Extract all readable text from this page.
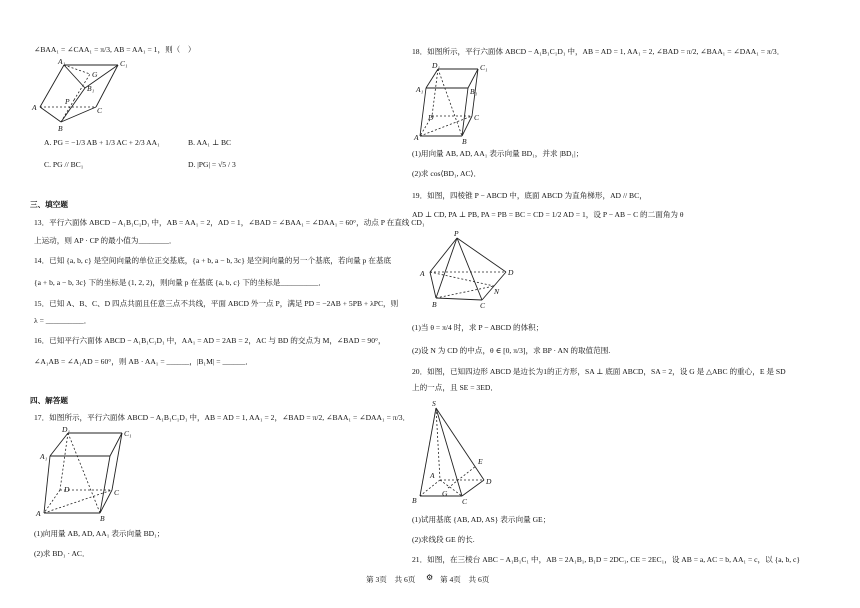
∠BAA₁ = ∠CAA₁ = π/3, AB = AA₁ = 1，则（　）
A₁	C₁
G
B₁
A
P
C
B
A. PG = −1/3 AB + 1/3 AC + 2/3 AA₁	B. AA₁ ⊥ BC
C. PG // BC₁	D. |PG| = √5 / 3
三、填空题
13．平行六面体 ABCD − A₁B₁C₁D₁ 中，AB = AA₁ = 2，AD = 1，∠BAD = ∠BAA₁ = ∠DAA₁ = 60°，动点 P 在直线 CD₁
上运动，则 AP · CP 的最小值为________．
14．已知 {a, b, c} 是空间向量的单位正交基底，{a + b, a − b, 3c} 是空间向量的另一个基底，若向量 p 在基底
{a + b, a − b, 3c} 下的坐标是 (1, 2, 2)，则向量 p 在基底 {a, b, c} 下的坐标是__________．
15．已知 A、B、C、D 四点共面且任意三点不共线，平面 ABCD 外一点 P，满足 PD = −2AB + 5PB + λPC，则
λ = __________．
16．已知平行六面体 ABCD − A₁B₁C₁D₁ 中，AA₁ = AD = 2AB = 2，AC 与 BD 的交点为 M，∠BAD = 90°，
∠A₁AB = ∠A₁AD = 60°，则 AB · AA₁ = ______，|B₁M| = ______．
四、解答题
17．如图所示，平行六面体 ABCD − A₁B₁C₁D₁ 中，AB = AD = 1, AA₁ = 2，∠BAD = π/2, ∠BAA₁ = ∠DAA₁ = π/3．
D₁	C₁
A₁
D	C
A
B
(1)向用量 AB, AD, AA₁ 表示向量 BD₁；
(2)求 BD₁ · AC．
18．如图所示，平行六面体 ABCD − A₁B₁C₁D₁ 中，AB = AD = 1, AA₁ = 2, ∠BAD = π/2, ∠BAA₁ = ∠DAA₁ = π/3．
D₁	C₁
A₁	B₁
D	C
A	B
(1)用向量 AB, AD, AA₁ 表示向量 BD₁，并求 |BD₁|；
(2)求 cos⟨BD₁, AC⟩．
19．如图，四棱锥 P − ABCD 中，底面 ABCD 为直角梯形，AD // BC，
AD ⊥ CD, PA ⊥ PB, PA = PB = BC = CD = 1/2 AD = 1，设 P − AB − C 的二面角为 θ
P
A	D
N
B	C
(1)当 θ = π/4 时，求 P − ABCD 的体积；
(2)设 N 为 CD 的中点，θ ∈ [0, π/3]，求 BP · AN 的取值范围.
20．如图，已知四边形 ABCD 是边长为1的正方形，SA ⊥ 底面 ABCD，SA = 2，设 G 是 △ABC 的重心，E 是 SD
上的一点，且 SE = 3ED．
S
E
D
A
C
G
B
(1)试用基底 {AB, AD, AS} 表示向量 GE；
(2)求线段 GE 的长.
21．如图，在三棱台 ABC − A₁B₁C₁ 中，AB = 2A₁B₁, B₁D = 2DC₁, CE = 2EC₁，设 AB = a, AC = b, AA₁ = c，以 {a, b, c}
第 3页　共 6页 ⚙ 第 4页　共 6页
